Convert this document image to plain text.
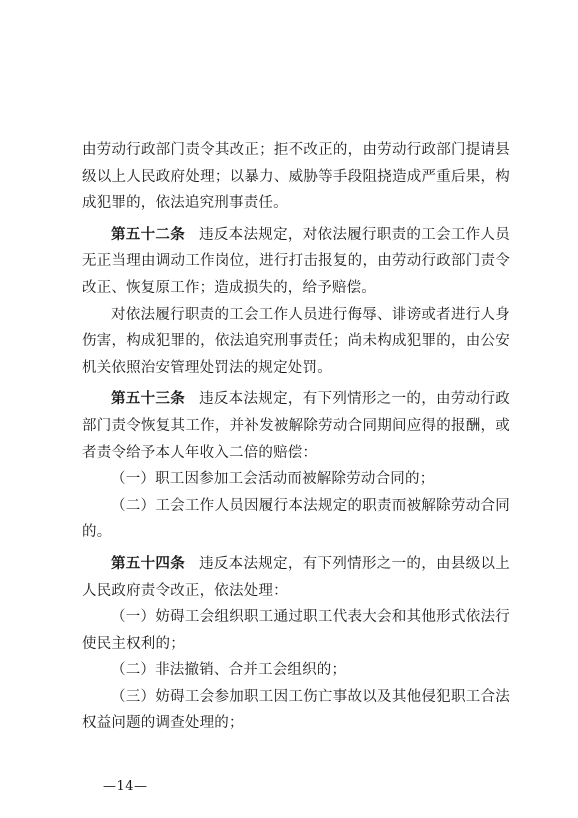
由劳动行政部门责令其改正；拒不改正的，由劳动行政部门提请县级以上人民政府处理；以暴力、威胁等手段阻挠造成严重后果，构成犯罪的，依法追究刑事责任。

第五十二条 违反本法规定，对依法履行职责的工会工作人员无正当理由调动工作岗位，进行打击报复的，由劳动行政部门责令改正、恢复原工作；造成损失的，给予赔偿。

对依法履行职责的工会工作人员进行侮辱、诽谤或者进行人身伤害，构成犯罪的，依法追究刑事责任；尚未构成犯罪的，由公安机关依照治安管理处罚法的规定处罚。

第五十三条 违反本法规定，有下列情形之一的，由劳动行政部门责令恢复其工作，并补发被解除劳动合同期间应得的报酬，或者责令给予本人年收入二倍的赔偿：

（一）职工因参加工会活动而被解除劳动合同的；

（二）工会工作人员因履行本法规定的职责而被解除劳动合同的。

第五十四条 违反本法规定，有下列情形之一的，由县级以上人民政府责令改正，依法处理：

（一）妨碍工会组织职工通过职工代表大会和其他形式依法行使民主权利的；

（二）非法撤销、合并工会组织的；

（三）妨碍工会参加职工因工伤亡事故以及其他侵犯职工合法权益问题的调查处理的；

—14—
